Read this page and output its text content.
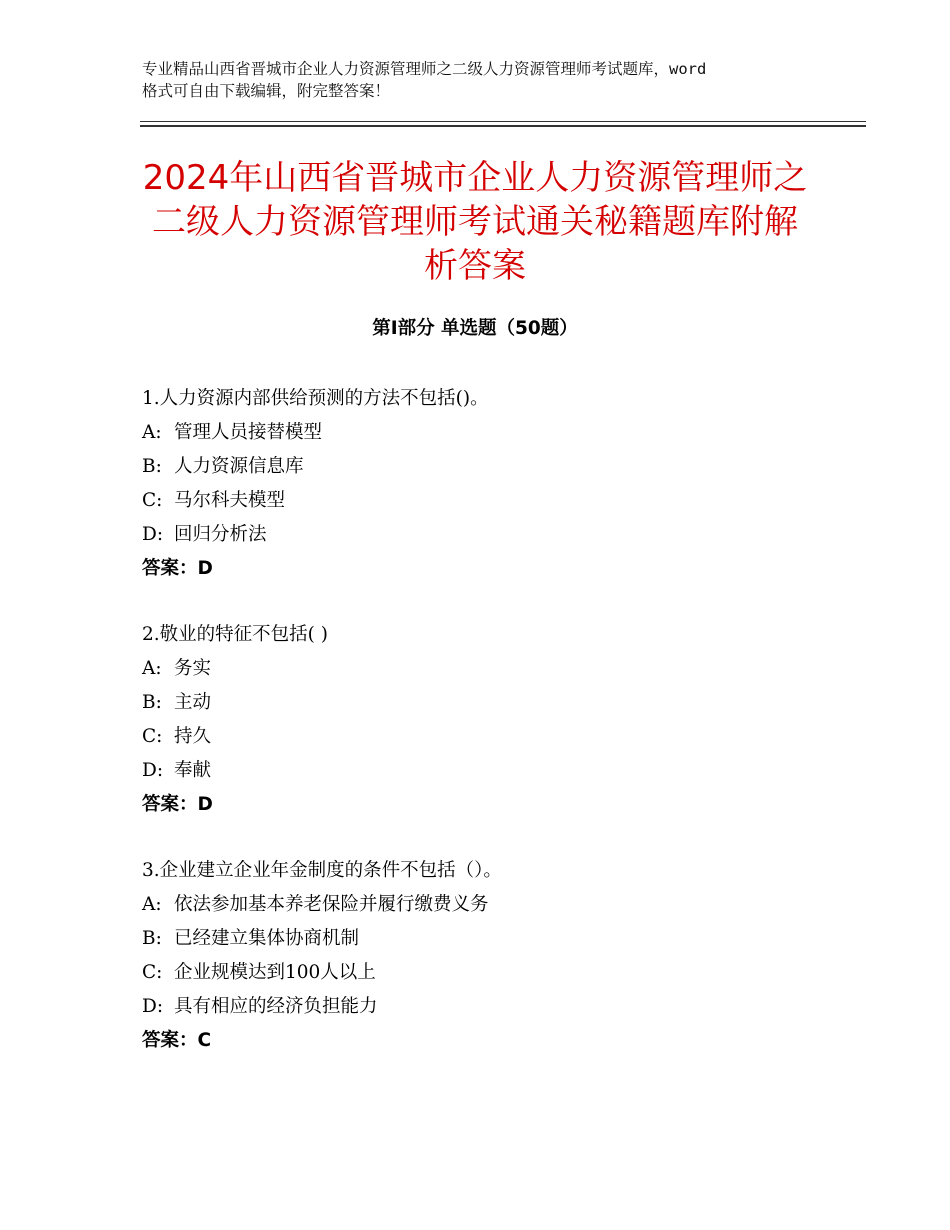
专业精品山西省晋城市企业人力资源管理师之二级人力资源管理师考试题库，word
格式可自由下载编辑，附完整答案！
2024年山西省晋城市企业人力资源管理师之
二级人力资源管理师考试通关秘籍题库附解
析答案
第Ⅰ部分 单选题（50题）
1.人力资源内部供给预测的方法不包括()。
A: 管理人员接替模型
B: 人力资源信息库
C: 马尔科夫模型
D: 回归分析法
答案：D
2.敬业的特征不包括( )
A: 务实
B: 主动
C: 持久
D: 奉献
答案：D
3.企业建立企业年金制度的条件不包括（）。
A: 依法参加基本养老保险并履行缴费义务
B: 已经建立集体协商机制
C: 企业规模达到100人以上
D: 具有相应的经济负担能力
答案：C
